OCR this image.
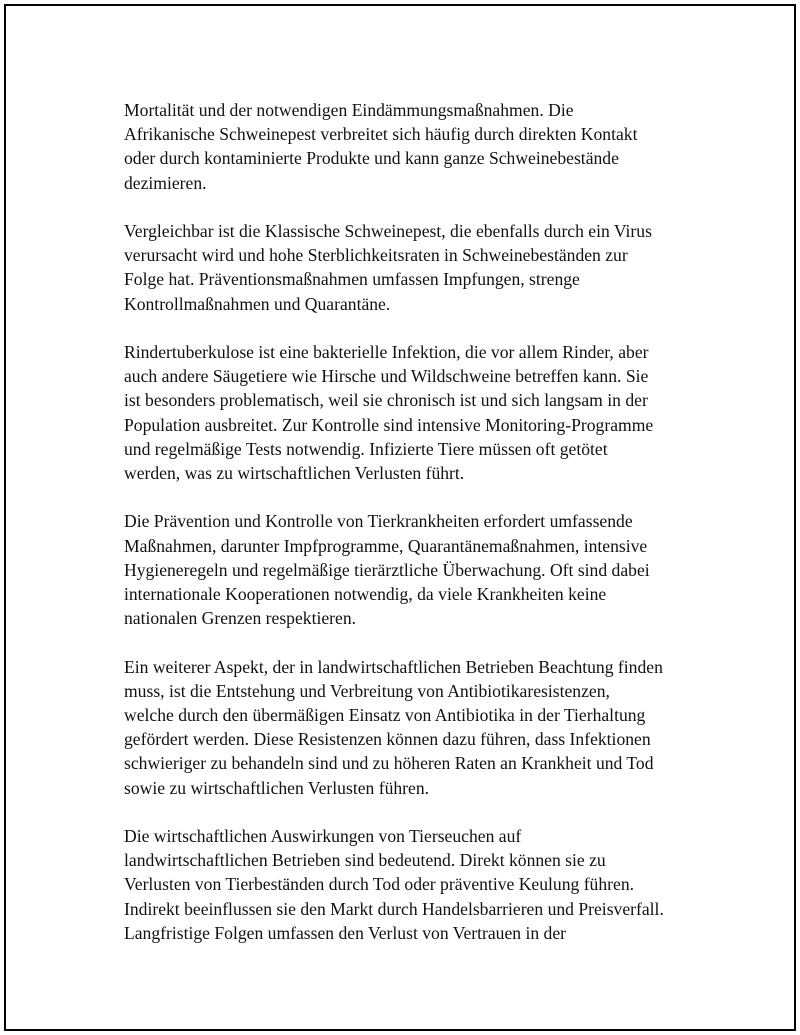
Mortalität und der notwendigen Eindämmungsmaßnahmen. Die
Afrikanische Schweinepest verbreitet sich häufig durch direkten Kontakt
oder durch kontaminierte Produkte und kann ganze Schweinebestände
dezimieren.

Vergleichbar ist die Klassische Schweinepest, die ebenfalls durch ein Virus
verursacht wird und hohe Sterblichkeitsraten in Schweinebeständen zur
Folge hat. Präventionsmaßnahmen umfassen Impfungen, strenge
Kontrollmaßnahmen und Quarantäne.

Rindertuberkulose ist eine bakterielle Infektion, die vor allem Rinder, aber
auch andere Säugetiere wie Hirsche und Wildschweine betreffen kann. Sie
ist besonders problematisch, weil sie chronisch ist und sich langsam in der
Population ausbreitet. Zur Kontrolle sind intensive Monitoring-Programme
und regelmäßige Tests notwendig. Infizierte Tiere müssen oft getötet
werden, was zu wirtschaftlichen Verlusten führt.

Die Prävention und Kontrolle von Tierkrankheiten erfordert umfassende
Maßnahmen, darunter Impfprogramme, Quarantänemaßnahmen, intensive
Hygieneregeln und regelmäßige tierärztliche Überwachung. Oft sind dabei
internationale Kooperationen notwendig, da viele Krankheiten keine
nationalen Grenzen respektieren.

Ein weiterer Aspekt, der in landwirtschaftlichen Betrieben Beachtung finden
muss, ist die Entstehung und Verbreitung von Antibiotikaresistenzen,
welche durch den übermäßigen Einsatz von Antibiotika in der Tierhaltung
gefördert werden. Diese Resistenzen können dazu führen, dass Infektionen
schwieriger zu behandeln sind und zu höheren Raten an Krankheit und Tod
sowie zu wirtschaftlichen Verlusten führen.

Die wirtschaftlichen Auswirkungen von Tierseuchen auf
landwirtschaftlichen Betrieben sind bedeutend. Direkt können sie zu
Verlusten von Tierbeständen durch Tod oder präventive Keulung führen.
Indirekt beeinflussen sie den Markt durch Handelsbarrieren und Preisverfall.
Langfristige Folgen umfassen den Verlust von Vertrauen in der
